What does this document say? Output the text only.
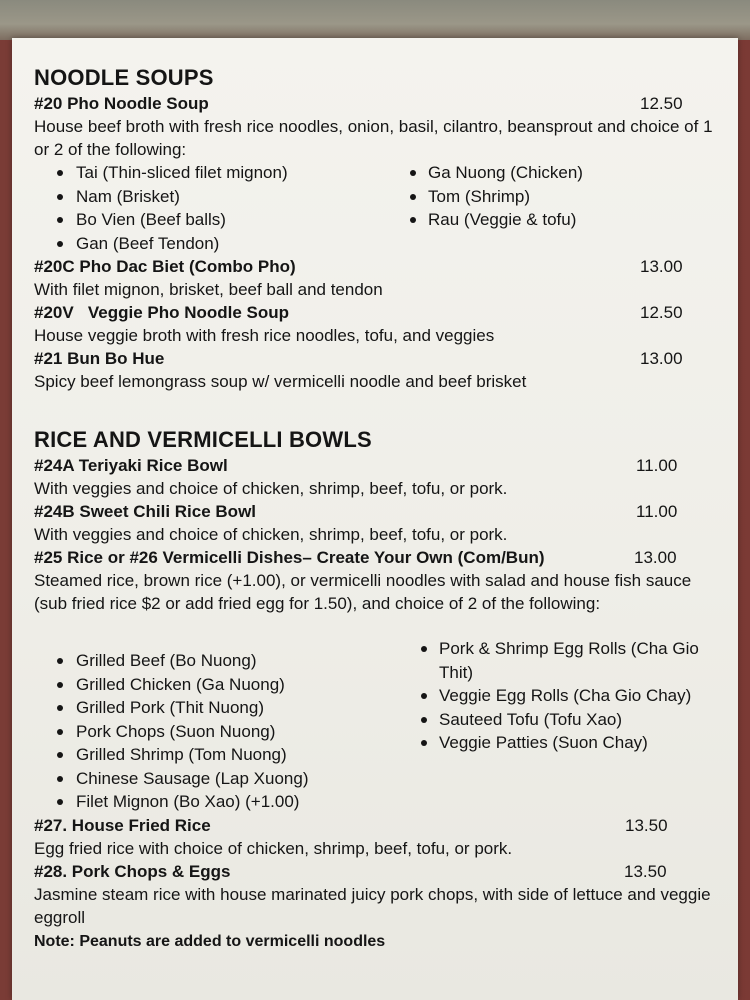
NOODLE SOUPS
#20 Pho Noodle Soup	12.50
House beef broth with fresh rice noodles, onion, basil, cilantro, beansprout and choice of 1 or 2 of the following:
Tai (Thin-sliced filet mignon)
Nam (Brisket)
Bo Vien (Beef balls)
Gan (Beef Tendon)
Ga Nuong (Chicken)
Tom (Shrimp)
Rau (Veggie & tofu)
#20C Pho Dac Biet (Combo Pho)	13.00
With filet mignon, brisket, beef ball and tendon
#20V   Veggie Pho Noodle Soup	12.50
House veggie broth with fresh rice noodles, tofu, and veggies
#21 Bun Bo Hue	13.00
Spicy beef lemongrass soup w/ vermicelli noodle and beef brisket
RICE AND VERMICELLI BOWLS
#24A Teriyaki Rice Bowl	11.00
With veggies and choice of chicken, shrimp, beef, tofu, or pork.
#24B Sweet Chili Rice Bowl	11.00
With veggies and choice of chicken, shrimp, beef, tofu, or pork.
#25 Rice or #26 Vermicelli Dishes– Create Your Own (Com/Bun)	13.00
Steamed rice, brown rice (+1.00), or vermicelli noodles with salad and house fish sauce (sub fried rice $2 or add fried egg for 1.50), and choice of 2 of the following:
Grilled Beef (Bo Nuong)
Grilled Chicken (Ga Nuong)
Grilled Pork (Thit Nuong)
Pork Chops (Suon Nuong)
Grilled Shrimp (Tom Nuong)
Chinese Sausage (Lap Xuong)
Filet Mignon (Bo Xao) (+1.00)
Pork & Shrimp Egg Rolls (Cha Gio Thit)
Veggie Egg Rolls (Cha Gio Chay)
Sauteed Tofu (Tofu Xao)
Veggie Patties (Suon Chay)
#27. House Fried Rice	13.50
Egg fried rice with choice of chicken, shrimp, beef, tofu, or pork.
#28. Pork Chops & Eggs	13.50
Jasmine steam rice with house marinated juicy pork chops, with side of lettuce and veggie eggroll
Note: Peanuts are added to vermicelli noodles
